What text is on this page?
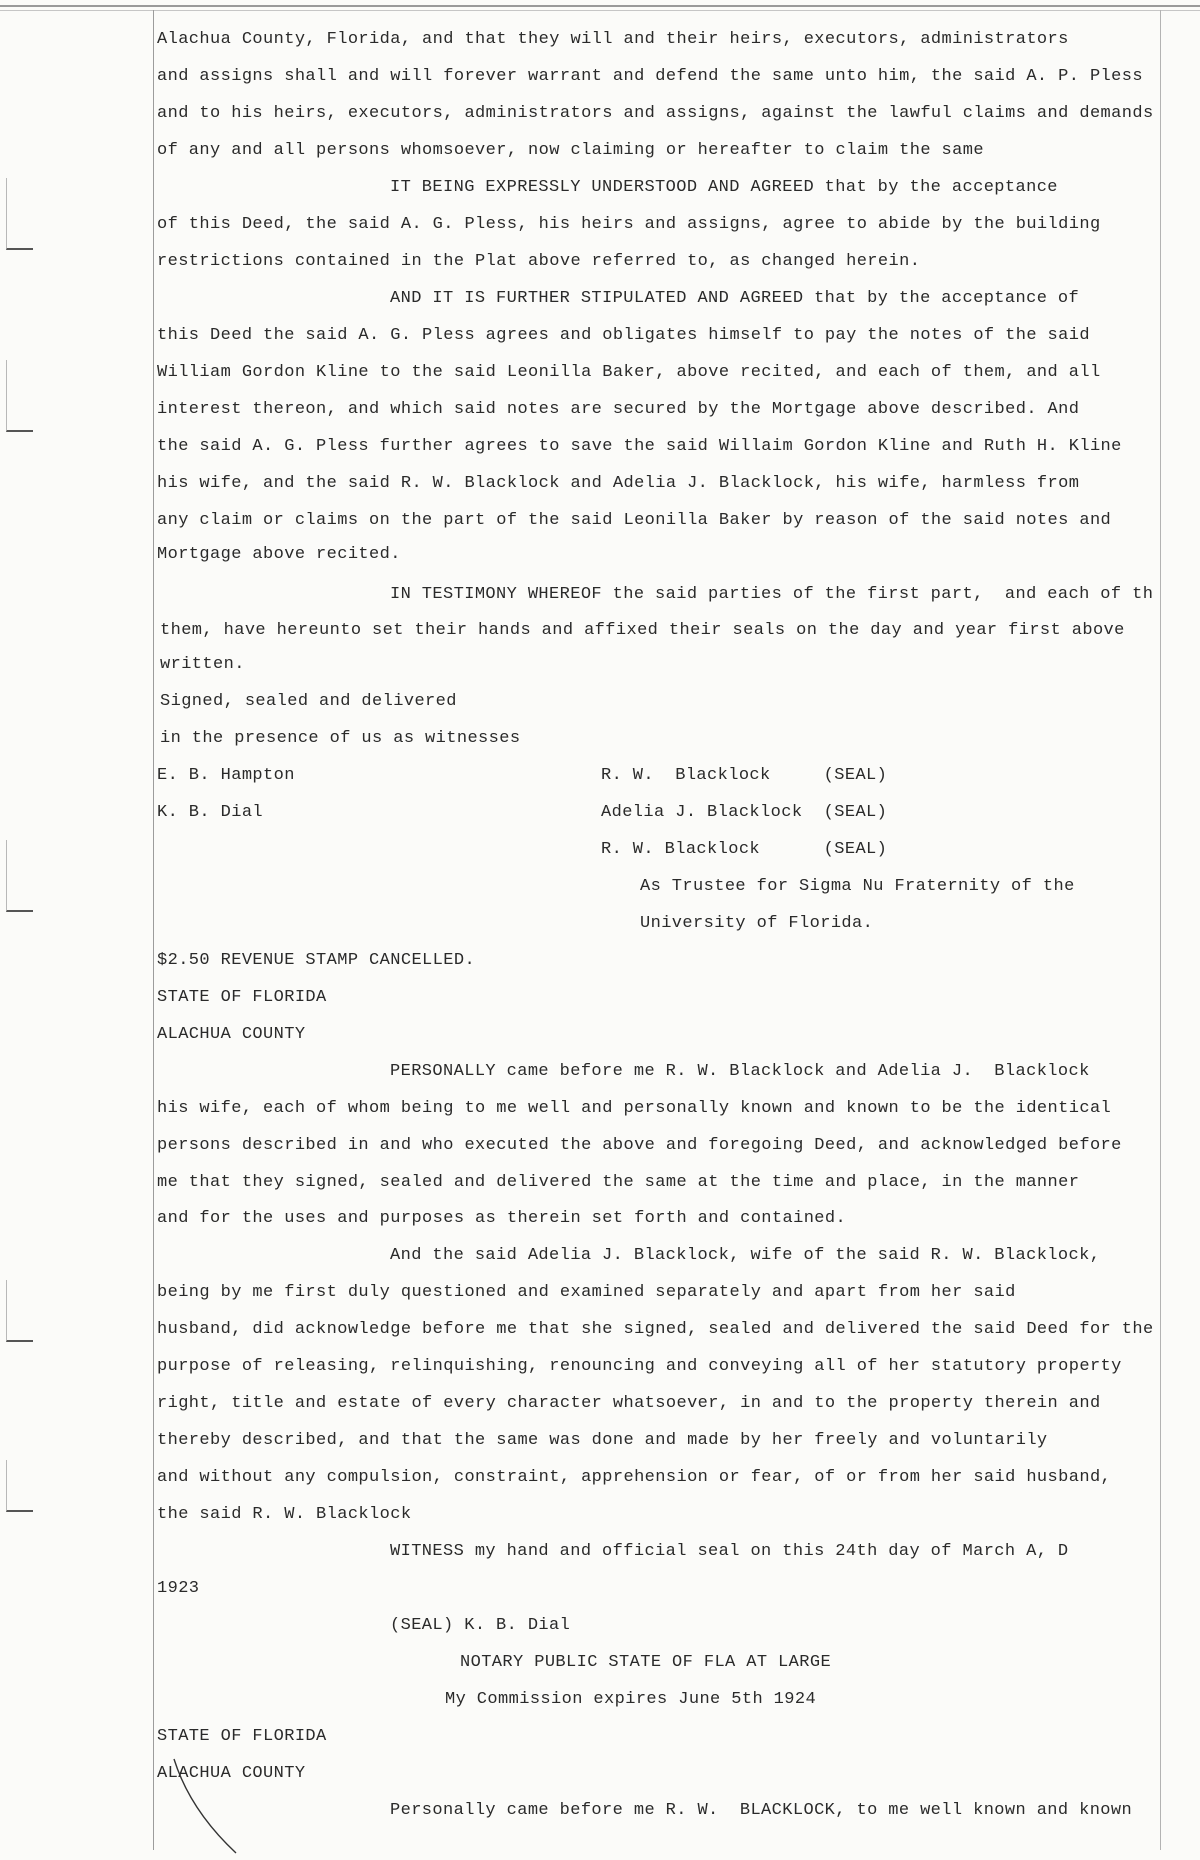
Alachua County, Florida, and that they will and their heirs, executors, administrators
and assigns shall and will forever warrant and defend the same unto him, the said A. P. Pless
and to his heirs, executors, administrators and assigns, against the lawful claims and demands
of any and all persons whomsoever, now claiming or hereafter to claim the same
IT BEING EXPRESSLY UNDERSTOOD AND AGREED that by the acceptance
of this Deed, the said A. G. Pless, his heirs and assigns, agree to abide by the building
restrictions contained in the Plat above referred to, as changed herein.
AND IT IS FURTHER STIPULATED AND AGREED that by the acceptance of
this Deed the said A. G. Pless agrees and obligates himself to pay the notes of the said
William Gordon Kline to the said Leonilla Baker, above recited, and each of them, and all
interest thereon, and which said notes are secured by the Mortgage above described. And
the said A. G. Pless further agrees to save the said Willaim Gordon Kline and Ruth H. Kline
his wife, and the said R. W. Blacklock and Adelia J. Blacklock, his wife, harmless from
any claim or claims on the part of the said Leonilla Baker by reason of the said notes and
Mortgage above recited.
IN TESTIMONY WHEREOF the said parties of the first part,  and each of th
them, have hereunto set their hands and affixed their seals on the day and year first above
written.
Signed, sealed and delivered
in the presence of us as witnesses
E. B. Hampton
K. B. Dial
R. W.  Blacklock     (SEAL)
Adelia J. Blacklock  (SEAL)
R. W. Blacklock      (SEAL)
As Trustee for Sigma Nu Fraternity of the
University of Florida.
$2.50 REVENUE STAMP CANCELLED.
STATE OF FLORIDA
ALACHUA COUNTY
PERSONALLY came before me R. W. Blacklock and Adelia J.  Blacklock
his wife, each of whom being to me well and personally known and known to be the identical
persons described in and who executed the above and foregoing Deed, and acknowledged before
me that they signed, sealed and delivered the same at the time and place, in the manner
and for the uses and purposes as therein set forth and contained.
And the said Adelia J. Blacklock, wife of the said R. W. Blacklock,
being by me first duly questioned and examined separately and apart from her said
husband, did acknowledge before me that she signed, sealed and delivered the said Deed for the
purpose of releasing, relinquishing, renouncing and conveying all of her statutory property
right, title and estate of every character whatsoever, in and to the property therein and
thereby described, and that the same was done and made by her freely and voluntarily
and without any compulsion, constraint, apprehension or fear, of or from her said husband,
the said R. W. Blacklock
WITNESS my hand and official seal on this 24th day of March A, D
1923
(SEAL) K. B. Dial
NOTARY PUBLIC STATE OF FLA AT LARGE
My Commission expires June 5th 1924
STATE OF FLORIDA
ALACHUA COUNTY
Personally came before me R. W.  BLACKLOCK, to me well known and known
